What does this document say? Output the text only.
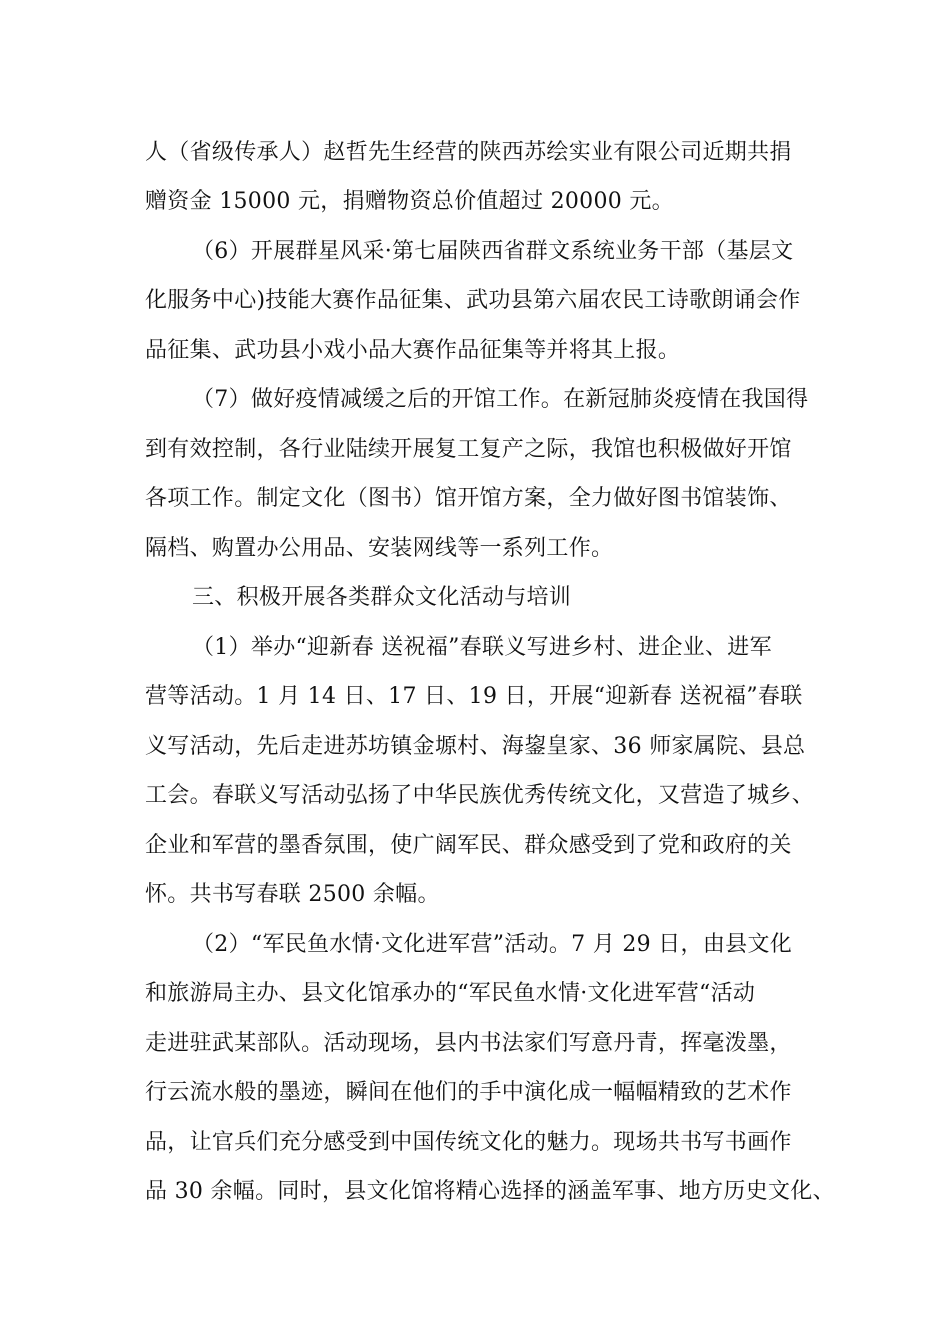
人（省级传承人）赵哲先生经营的陕西苏绘实业有限公司近期共捐
赠资金 15000 元，捐赠物资总价值超过 20000 元。
（6）开展群星风采·第七届陕西省群文系统业务干部（基层文
化服务中心)技能大赛作品征集、武功县第六届农民工诗歌朗诵会作
品征集、武功县小戏小品大赛作品征集等并将其上报。
（7）做好疫情减缓之后的开馆工作。在新冠肺炎疫情在我国得
到有效控制，各行业陆续开展复工复产之际，我馆也积极做好开馆
各项工作。制定文化（图书）馆开馆方案，全力做好图书馆装饰、
隔档、购置办公用品、安装网线等一系列工作。
三、积极开展各类群众文化活动与培训
（1）举办“迎新春 送祝福”春联义写进乡村、进企业、进军
营等活动。1 月 14 日、17 日、19 日，开展“迎新春 送祝福”春联
义写活动，先后走进苏坊镇金塬村、海鋆皇家、36 师家属院、县总
工会。春联义写活动弘扬了中华民族优秀传统文化，又营造了城乡、
企业和军营的墨香氛围，使广阔军民、群众感受到了党和政府的关
怀。共书写春联 2500 余幅。
（2）“军民鱼水情·文化进军营”活动。7 月 29 日，由县文化
和旅游局主办、县文化馆承办的“军民鱼水情·文化进军营“活动
走进驻武某部队。活动现场，县内书法家们写意丹青，挥毫泼墨，
行云流水般的墨迹，瞬间在他们的手中演化成一幅幅精致的艺术作
品，让官兵们充分感受到中国传统文化的魅力。现场共书写书画作
品 30 余幅。同时，县文化馆将精心选择的涵盖军事、地方历史文化、
